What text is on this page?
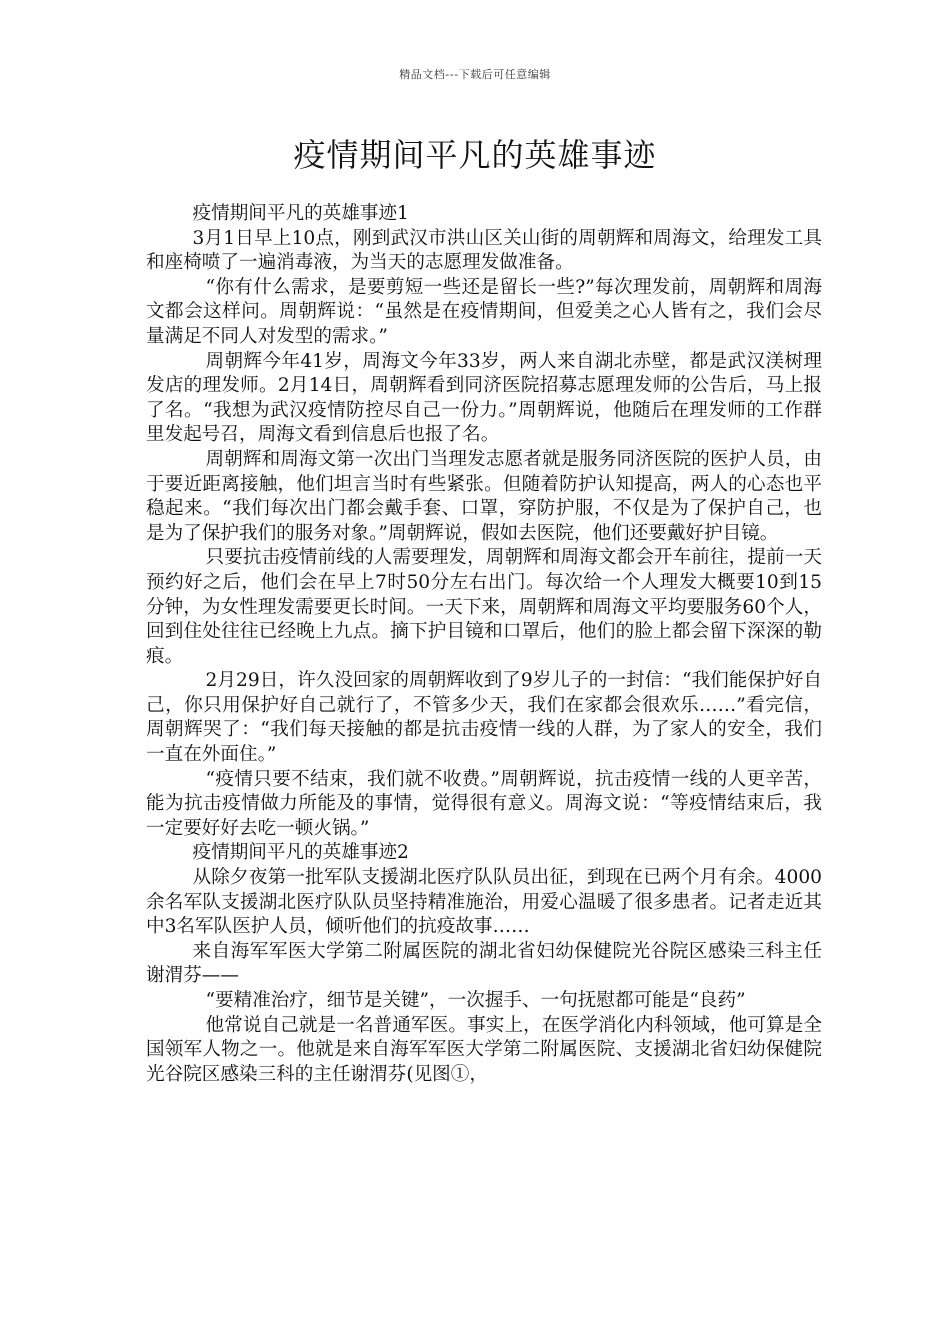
精品文档---下载后可任意编辑
疫情期间平凡的英雄事迹

疫情期间平凡的英雄事迹1

3月1日早上10点，刚到武汉市洪山区关山街的周朝辉和周海文，给理发工具和座椅喷了一遍消毒液，为当天的志愿理发做准备。

“你有什么需求，是要剪短一些还是留长一些?”每次理发前，周朝辉和周海文都会这样问。周朝辉说：“虽然是在疫情期间，但爱美之心人皆有之，我们会尽量满足不同人对发型的需求。”

周朝辉今年41岁，周海文今年33岁，两人来自湖北赤壁，都是武汉渼树理发店的理发师。2月14日，周朝辉看到同济医院招募志愿理发师的公告后，马上报了名。“我想为武汉疫情防控尽自己一份力。”周朝辉说，他随后在理发师的工作群里发起号召，周海文看到信息后也报了名。

周朝辉和周海文第一次出门当理发志愿者就是服务同济医院的医护人员，由于要近距离接触，他们坦言当时有些紧张。但随着防护认知提高，两人的心态也平稳起来。“我们每次出门都会戴手套、口罩，穿防护服，不仅是为了保护自己，也是为了保护我们的服务对象。”周朝辉说，假如去医院，他们还要戴好护目镜。

只要抗击疫情前线的人需要理发，周朝辉和周海文都会开车前往，提前一天预约好之后，他们会在早上7时50分左右出门。每次给一个人理发大概要10到15分钟，为女性理发需要更长时间。一天下来，周朝辉和周海文平均要服务60个人，回到住处往往已经晚上九点。摘下护目镜和口罩后，他们的脸上都会留下深深的勒痕。

2月29日，许久没回家的周朝辉收到了9岁儿子的一封信：“我们能保护好自己，你只用保护好自己就行了，不管多少天，我们在家都会很欢乐……”看完信，周朝辉哭了：“我们每天接触的都是抗击疫情一线的人群，为了家人的安全，我们一直在外面住。”

“疫情只要不结束，我们就不收费。”周朝辉说，抗击疫情一线的人更辛苦，能为抗击疫情做力所能及的事情，觉得很有意义。周海文说：“等疫情结束后，我一定要好好去吃一顿火锅。”

疫情期间平凡的英雄事迹2

从除夕夜第一批军队支援湖北医疗队队员出征，到现在已两个月有余。4000余名军队支援湖北医疗队队员坚持精准施治，用爱心温暖了很多患者。记者走近其中3名军队医护人员，倾听他们的抗疫故事……

来自海军军医大学第二附属医院的湖北省妇幼保健院光谷院区感染三科主任谢渭芬——

“要精准治疗，细节是关键”，一次握手、一句抚慰都可能是“良药”

他常说自己就是一名普通军医。事实上，在医学消化内科领域，他可算是全国领军人物之一。他就是来自海军军医大学第二附属医院、支援湖北省妇幼保健院光谷院区感染三科的主任谢渭芬(见图①，
